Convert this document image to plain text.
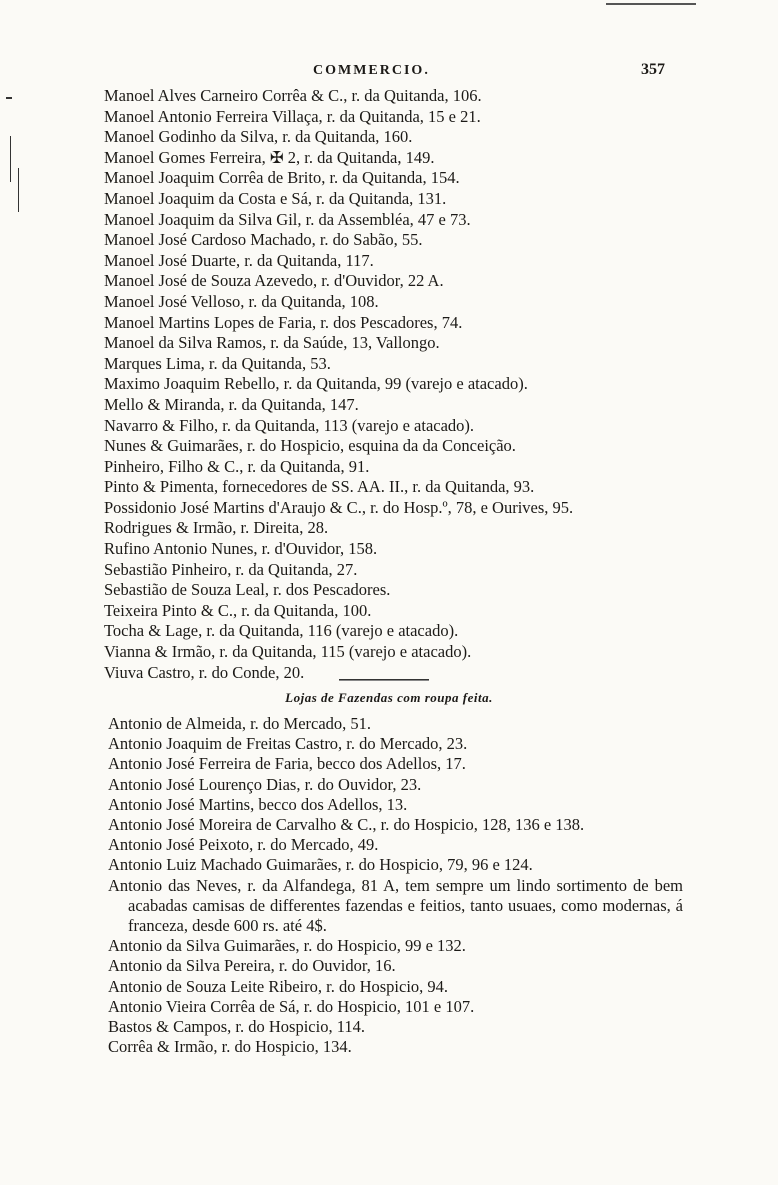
COMMERCIO.	357
Manoel Alves Carneiro Corrêa & C., r. da Quitanda, 106.
Manoel Antonio Ferreira Villaça, r. da Quitanda, 15 e 21.
Manoel Godinho da Silva, r. da Quitanda, 160.
Manoel Gomes Ferreira, ✠ 2, r. da Quitanda, 149.
Manoel Joaquim Corrêa de Brito, r. da Quitanda, 154.
Manoel Joaquim da Costa e Sá, r. da Quitanda, 131.
Manoel Joaquim da Silva Gil, r. da Assembléa, 47 e 73.
Manoel José Cardoso Machado, r. do Sabão, 55.
Manoel José Duarte, r. da Quitanda, 117.
Manoel José de Souza Azevedo, r. d'Ouvidor, 22 A.
Manoel José Velloso, r. da Quitanda, 108.
Manoel Martins Lopes de Faria, r. dos Pescadores, 74.
Manoel da Silva Ramos, r. da Saúde, 13, Vallongo.
Marques Lima, r. da Quitanda, 53.
Maximo Joaquim Rebello, r. da Quitanda, 99 (varejo e atacado).
Mello & Miranda, r. da Quitanda, 147.
Navarro & Filho, r. da Quitanda, 113 (varejo e atacado).
Nunes & Guimarães, r. do Hospicio, esquina da da Conceição.
Pinheiro, Filho & C., r. da Quitanda, 91.
Pinto & Pimenta, fornecedores de SS. AA. II., r. da Quitanda, 93.
Possidonio José Martins d'Araujo & C., r. do Hosp.º, 78, e Ourives, 95.
Rodrigues & Irmão, r. Direita, 28.
Rufino Antonio Nunes, r. d'Ouvidor, 158.
Sebastião Pinheiro, r. da Quitanda, 27.
Sebastião de Souza Leal, r. dos Pescadores.
Teixeira Pinto & C., r. da Quitanda, 100.
Tocha & Lage, r. da Quitanda, 116 (varejo e atacado).
Vianna & Irmão, r. da Quitanda, 115 (varejo e atacado).
Viuva Castro, r. do Conde, 20.
Lojas de Fazendas com roupa feita.
Antonio de Almeida, r. do Mercado, 51.
Antonio Joaquim de Freitas Castro, r. do Mercado, 23.
Antonio José Ferreira de Faria, becco dos Adellos, 17.
Antonio José Lourenço Dias, r. do Ouvidor, 23.
Antonio José Martins, becco dos Adellos, 13.
Antonio José Moreira de Carvalho & C., r. do Hospicio, 128, 136 e 138.
Antonio José Peixoto, r. do Mercado, 49.
Antonio Luiz Machado Guimarães, r. do Hospicio, 79, 96 e 124.
Antonio das Neves, r. da Alfandega, 81 A, tem sempre um lindo sortimento de bem acabadas camisas de differentes fazendas e feitios, tanto usuaes, como modernas, á franceza, desde 600 rs. até 4$.
Antonio da Silva Guimarães, r. do Hospicio, 99 e 132.
Antonio da Silva Pereira, r. do Ouvidor, 16.
Antonio de Souza Leite Ribeiro, r. do Hospicio, 94.
Antonio Vieira Corrêa de Sá, r. do Hospicio, 101 e 107.
Bastos & Campos, r. do Hospicio, 114.
Corrêa & Irmão, r. do Hospicio, 134.
